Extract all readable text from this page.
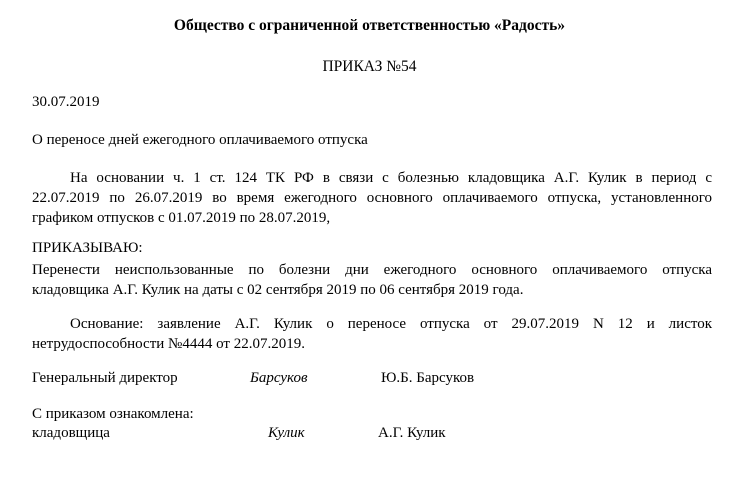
Общество с ограниченной ответственностью «Радость»
ПРИКАЗ №54
30.07.2019
О переносе дней ежегодного оплачиваемого отпуска
На основании ч. 1 ст. 124 ТК РФ в связи с болезнью кладовщика А.Г. Кулик в период с
22.07.2019 по 26.07.2019 во время ежегодного основного оплачиваемого отпуска, установленного
графиком отпусков с 01.07.2019 по 28.07.2019,
ПРИКАЗЫВАЮ:
Перенести неиспользованные по болезни дни ежегодного основного оплачиваемого отпуска
кладовщика А.Г. Кулик на даты с 02 сентября 2019 по 06 сентября 2019 года.
Основание: заявление А.Г. Кулик о переносе отпуска от 29.07.2019 N 12 и листок
нетрудоспособности №4444 от 22.07.2019.
Генеральный директор	Барсуков	Ю.Б. Барсуков
С приказом ознакомлена:
кладовщица	Кулик	А.Г. Кулик
